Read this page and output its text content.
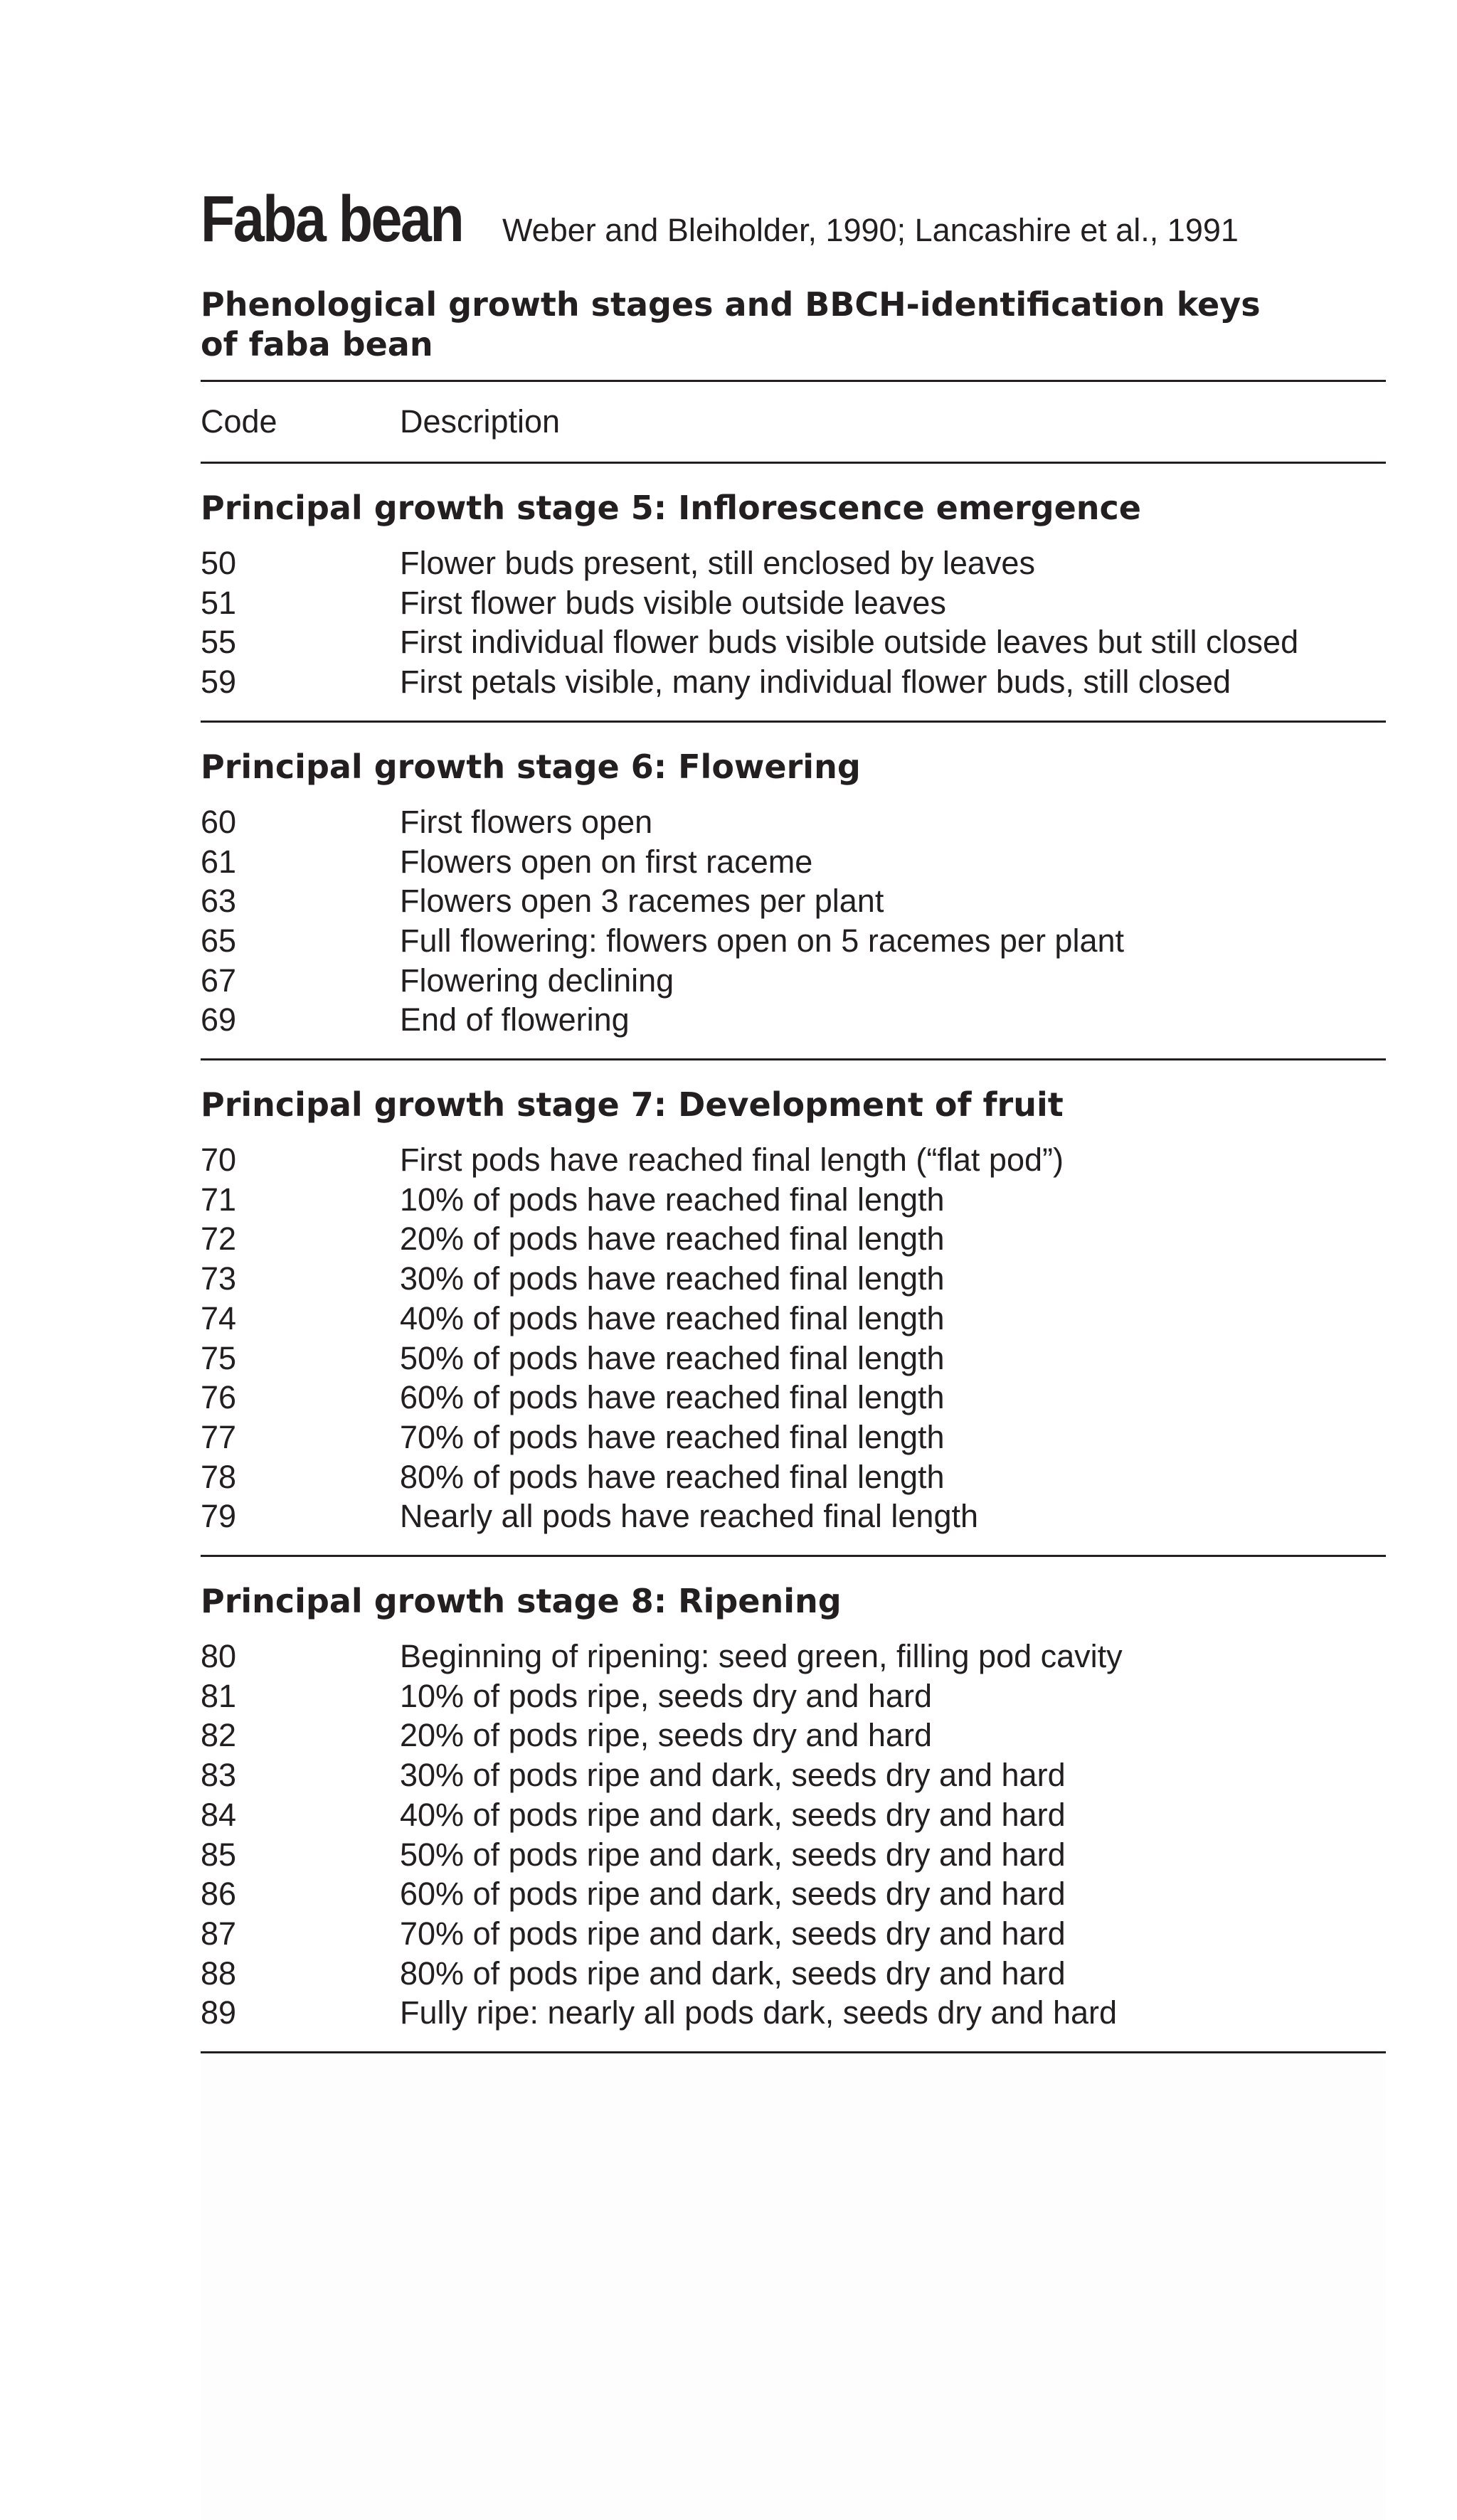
Faba bean Weber and Bleiholder, 1990; Lancashire et al., 1991
Phenological growth stages and BBCH-identification keys
of faba bean
Code	Description
Principal growth stage 5: Inflorescence emergence
50	Flower buds present, still enclosed by leaves
51	First flower buds visible outside leaves
55	First individual flower buds visible outside leaves but still closed
59	First petals visible, many individual flower buds, still closed
Principal growth stage 6: Flowering
60	First flowers open
61	Flowers open on first raceme
63	Flowers open 3 racemes per plant
65	Full flowering: flowers open on 5 racemes per plant
67	Flowering declining
69	End of flowering
Principal growth stage 7: Development of fruit
70	First pods have reached final length (“flat pod”)
71	10% of pods have reached final length
72	20% of pods have reached final length
73	30% of pods have reached final length
74	40% of pods have reached final length
75	50% of pods have reached final length
76	60% of pods have reached final length
77	70% of pods have reached final length
78	80% of pods have reached final length
79	Nearly all pods have reached final length
Principal growth stage 8: Ripening
80	Beginning of ripening: seed green, filling pod cavity
81	10% of pods ripe, seeds dry and hard
82	20% of pods ripe, seeds dry and hard
83	30% of pods ripe and dark, seeds dry and hard
84	40% of pods ripe and dark, seeds dry and hard
85	50% of pods ripe and dark, seeds dry and hard
86	60% of pods ripe and dark, seeds dry and hard
87	70% of pods ripe and dark, seeds dry and hard
88	80% of pods ripe and dark, seeds dry and hard
89	Fully ripe: nearly all pods dark, seeds dry and hard
